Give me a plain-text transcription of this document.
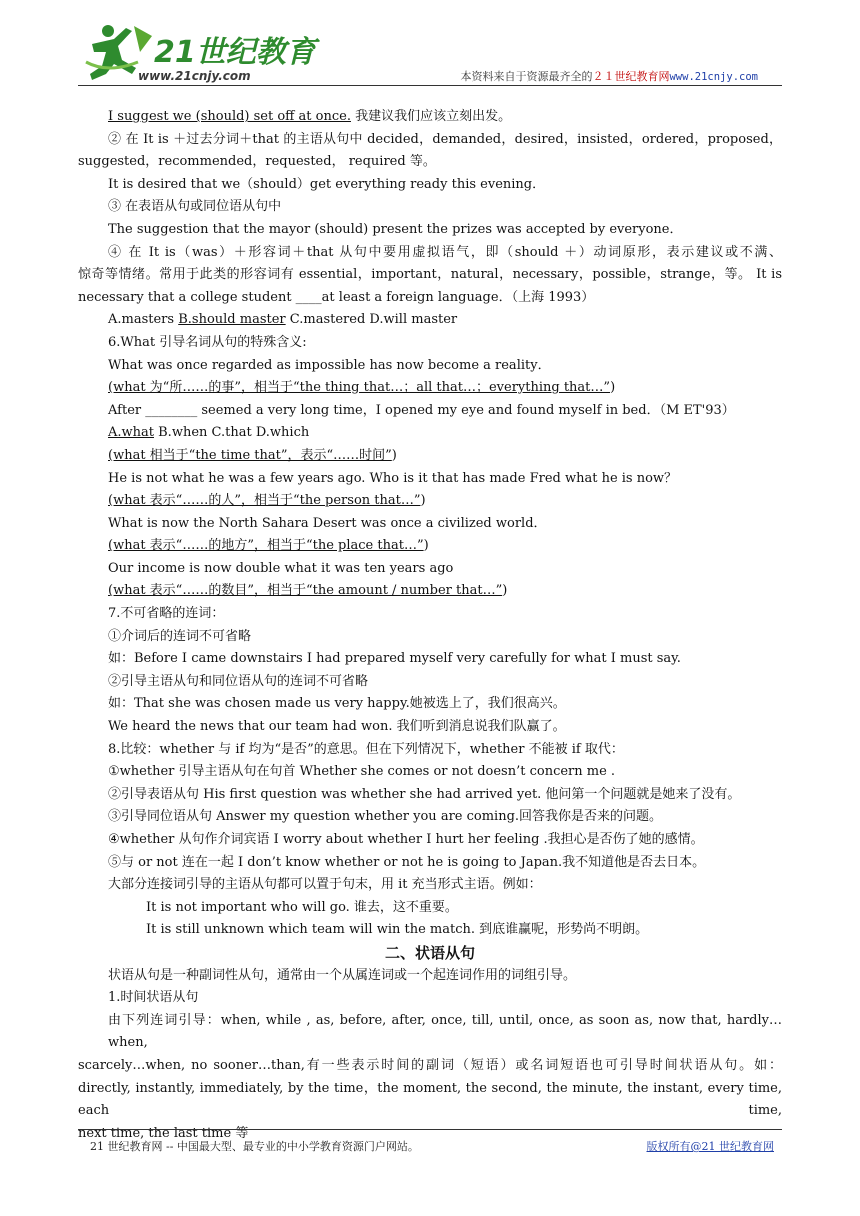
21世纪教育
www.21cnjy.com	本资料来自于资源最齐全的２１世纪教育网www.21cnjy.com
I suggest we (should) set off at once. 我建议我们应该立刻出发。
② 在 It is ＋过去分词＋that 的主语从句中 decided，demanded，desired，insisted，ordered，proposed，
suggested，recommended，requested， required 等。
It is desired that we（should）get everything ready this evening．
③ 在表语从句或同位语从句中
The suggestion that the mayor (should) present the prizes was accepted by everyone．
④ 在 It is（was）＋形容词＋that 从句中要用虚拟语气，即（should ＋）动词原形，表示建议或不满、
惊奇等情绪。常用于此类的形容词有 essential，important，natural，necessary，possible，strange，等。 It is
necessary that a college student ____at least a foreign language．（上海 1993）
A.masters B.should master C.mastered D.will master
6.What 引导名词从句的特殊含义:
What was once regarded as impossible has now become a reality．
(what 为“所……的事”，相当于“the thing that…；all that…；everything that…”)
After ________ seemed a very long time，I opened my eye and found myself in bed．（M ET'93）
A.what B.when C.that D.which
(what 相当于“the time that”，表示“……时间”)
He is not what he was a few years ago. Who is it that has made Fred what he is now？
(what 表示“……的人”，相当于“the person that…”)
What is now the North Sahara Desert was once a civilized world．
(what 表示“……的地方”，相当于“the place that…”)
Our income is now double what it was ten years ago
(what 表示“……的数目”，相当于“the amount / number that…”)
7.不可省略的连词：
①介词后的连词不可省略
如：Before I came downstairs I had prepared myself very carefully for what I must say.
②引导主语从句和同位语从句的连词不可省略
如：That she was chosen made us very happy.她被选上了，我们很高兴。
We heard the news that our team had won. 我们听到消息说我们队赢了。
8.比较：whether 与 if 均为“是否”的意思。但在下列情况下，whether 不能被 if 取代：
①whether 引导主语从句在句首 Whether she comes or not doesn’t concern me .
②引导表语从句 His first question was whether she had arrived yet. 他问第一个问题就是她来了没有。
③引导同位语从句 Answer my question whether you are coming.回答我你是否来的问题。
④whether 从句作介词宾语 I worry about whether I hurt her feeling .我担心是否伤了她的感情。
⑤与 or not 连在一起 I don’t know whether or not he is going to Japan.我不知道他是否去日本。
大部分连接词引导的主语从句都可以置于句末，用 it 充当形式主语。例如：
It is not important who will go. 谁去，这不重要。
It is still unknown which team will win the match. 到底谁赢呢，形势尚不明朗。
二、状语从句
状语从句是一种副词性从句，通常由一个从属连词或一个起连词作用的词组引导。
1.时间状语从句
由下列连词引导：when, while , as, before, after, once, till, until, once, as soon as, now that, hardly…when,
scarcely…when, no sooner…than,有一些表示时间的副词（短语）或名词短语也可引导时间状语从句。如：
directly, instantly, immediately, by the time，the moment, the second, the minute, the instant, every time, each time,
next time, the last time 等
21 世纪教育网 -- 中国最大型、最专业的中小学教育资源门户网站。	版权所有@21 世纪教育网
